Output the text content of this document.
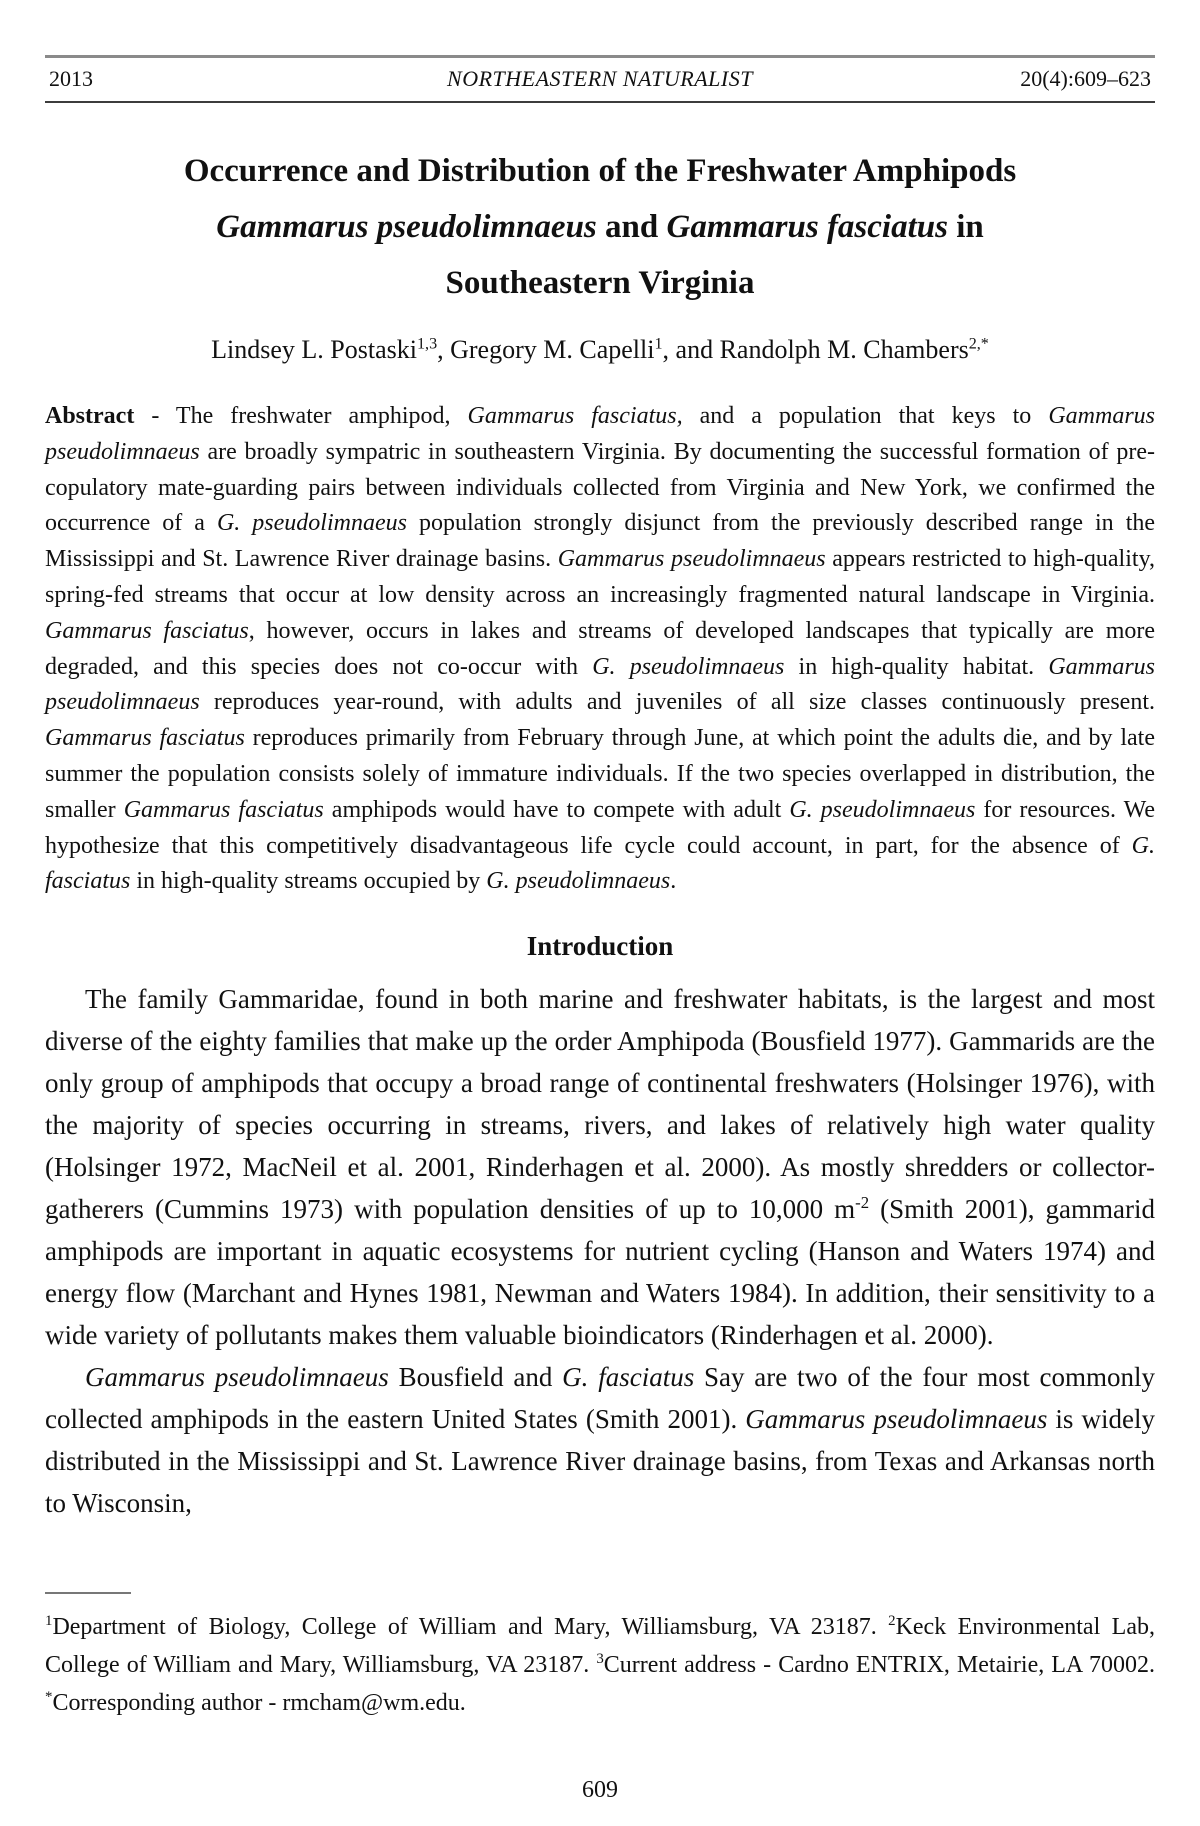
2013	NORTHEASTERN NATURALIST	20(4):609–623
Occurrence and Distribution of the Freshwater Amphipods
Gammarus pseudolimnaeus and Gammarus fasciatus in
Southeastern Virginia
Lindsey L. Postaski$^{1,3}$, Gregory M. Capelli$^1$, and Randolph M. Chambers$^{2,*}$
Abstract - The freshwater amphipod, Gammarus fasciatus, and a population that keys to Gammarus pseudolimnaeus are broadly sympatric in southeastern Virginia. By documenting the successful formation of pre-copulatory mate-guarding pairs between individuals collected from Virginia and New York, we confirmed the occurrence of a G. pseudolimnaeus population strongly disjunct from the previously described range in the Mississippi and St. Lawrence River drainage basins. Gammarus pseudolimnaeus appears restricted to high-quality, spring-fed streams that occur at low density across an increasingly fragmented natural landscape in Virginia. Gammarus fasciatus, however, occurs in lakes and streams of developed landscapes that typically are more degraded, and this species does not co-occur with G. pseudolimnaeus in high-quality habitat. Gammarus pseudolimnaeus reproduces year-round, with adults and juveniles of all size classes continuously present. Gammarus fasciatus reproduces primarily from February through June, at which point the adults die, and by late summer the population consists solely of immature individuals. If the two species overlapped in distribution, the smaller Gammarus fasciatus amphipods would have to compete with adult G. pseudolimnaeus for resources. We hypothesize that this competitively disadvantageous life cycle could account, in part, for the absence of G. fasciatus in high-quality streams occupied by G. pseudolimnaeus.
Introduction

The family Gammaridae, found in both marine and freshwater habitats, is the largest and most diverse of the eighty families that make up the order Amphipoda (Bousfield 1977). Gammarids are the only group of amphipods that occupy a broad range of continental freshwaters (Holsinger 1976), with the majority of species occurring in streams, rivers, and lakes of relatively high water quality (Holsinger 1972, MacNeil et al. 2001, Rinderhagen et al. 2000). As mostly shredders or collector-gatherers (Cummins 1973) with population densities of up to 10,000 $m^{-2}$ (Smith 2001), gammarid amphipods are important in aquatic ecosystems for nutrient cycling (Hanson and Waters 1974) and energy flow (Marchant and Hynes 1981, Newman and Waters 1984). In addition, their sensitivity to a wide variety of pollutants makes them valuable bioindicators (Rinderhagen et al. 2000).

Gammarus pseudolimnaeus Bousfield and G. fasciatus Say are two of the four most commonly collected amphipods in the eastern United States (Smith 2001). Gammarus pseudolimnaeus is widely distributed in the Mississippi and St. Lawrence River drainage basins, from Texas and Arkansas north to Wisconsin,

$^1$Department of Biology, College of William and Mary, Williamsburg, VA 23187. $^2$Keck Environmental Lab, College of William and Mary, Williamsburg, VA 23187. $^3$Current address - Cardno ENTRIX, Metairie, LA 70002. *Corresponding author - rmcham@wm.edu.
609
